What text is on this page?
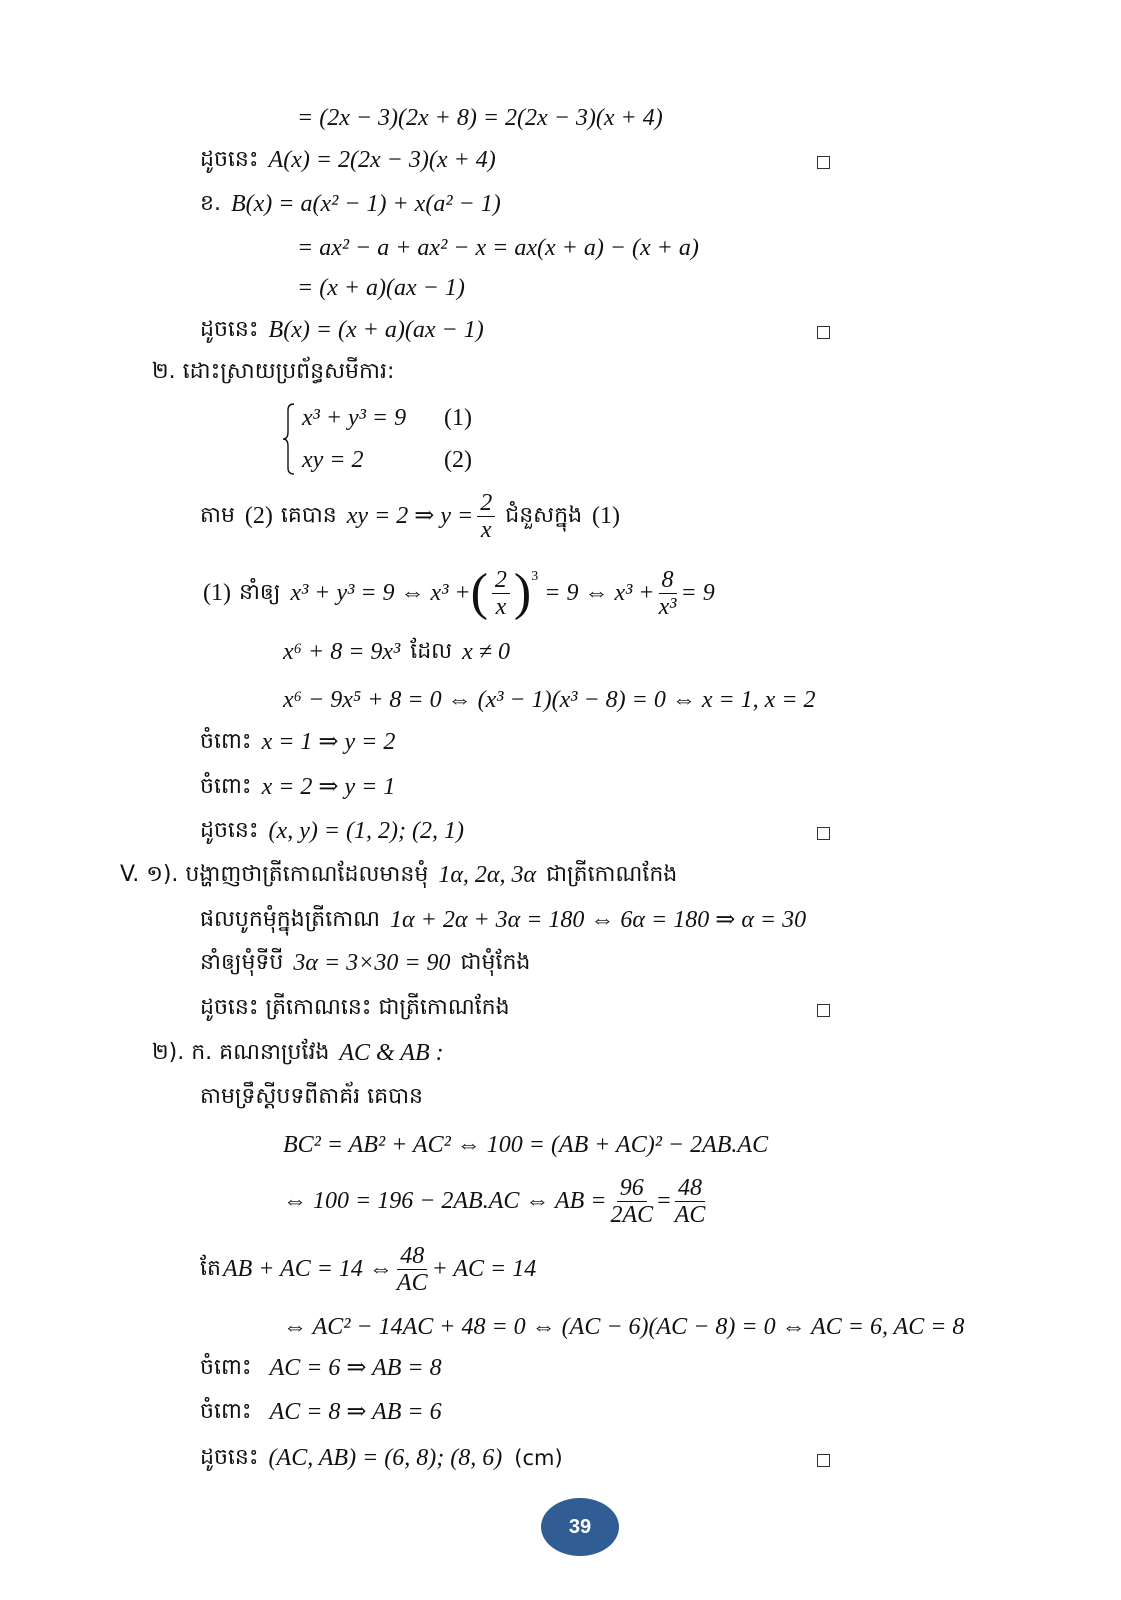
= (2x − 3)(2x + 8) = 2(2x − 3)(x + 4)
ដូចនេះ A(x) = 2(2x − 3)(x + 4)
ខ. B(x) = a(x² − 1) + x(a² − 1)
= ax² − a + ax² − x = ax(x + a) − (x + a)
= (x + a)(ax − 1)
ដូចនេះ B(x) = (x + a)(ax − 1)
២. ដោះស្រាយប្រព័ន្ធសមីការ:
x³ + y³ = 9	(1)
xy = 2	(2)
តាម (2) គេបាន xy = 2 ⇒ $y = \frac{2}{x}$ ជំនួសក្នុង (1)
(1) នាំឲ្យ x³ + y³ = 9 ⇔ x³ + ( $\frac{2}{x}$ ) 3
= 9 ⇔ $x^3 + \frac{8}{\text{x³}} = 9$
x⁶ + 8 = 9x³ ដែល x ≠ 0
x⁶ − 9x⁵ + 8 = 0 ⇔ (x³ − 1)(x³ − 8) = 0 ⇔ x = 1, x = 2
ចំពោះ x = 1 ⇒ y = 2
ចំពោះ x = 2 ⇒ y = 1
ដូចនេះ (x, y) = (1, 2); (2, 1)
V. ១). បង្ហាញថាត្រីកោណដែលមានមុំ 1α, 2α, 3α ជាត្រីកោណកែង
ផលបូកមុំក្នុងត្រីកោណ 1α + 2α + 3α = 180 ⇔ 6α = 180 ⇒ α = 30
នាំឲ្យមុំទីបី 3α = 3×30 = 90 ជាមុំកែង
ដូចនេះ ត្រីកោណនេះ ជាត្រីកោណកែង
២). ក. គណនាប្រវែង AC & AB :
តាមទ្រឹស្តីបទពីតាគ័រ គេបាន
BC² = AB² + AC² ⇔ 100 = (AB + AC)² − 2AB.AC
⇔ 100 = 196 − 2AB.AC ⇔ AB = $\frac{96}{2AC} = \frac{48}{AC}$
តែ AB + AC = 14 ⇔ $\frac{48}{AC}$ + AC = 14
⇔ AC² − 14AC + 48 = 0 ⇔ (AC − 6)(AC − 8) = 0 ⇔ AC = 6, AC = 8
ចំពោះ AC = 6 ⇒ AB = 8
ចំពោះ AC = 8 ⇒ AB = 6
ដូចនេះ (AC, AB) = (6, 8); (8, 6) (cm)
39
